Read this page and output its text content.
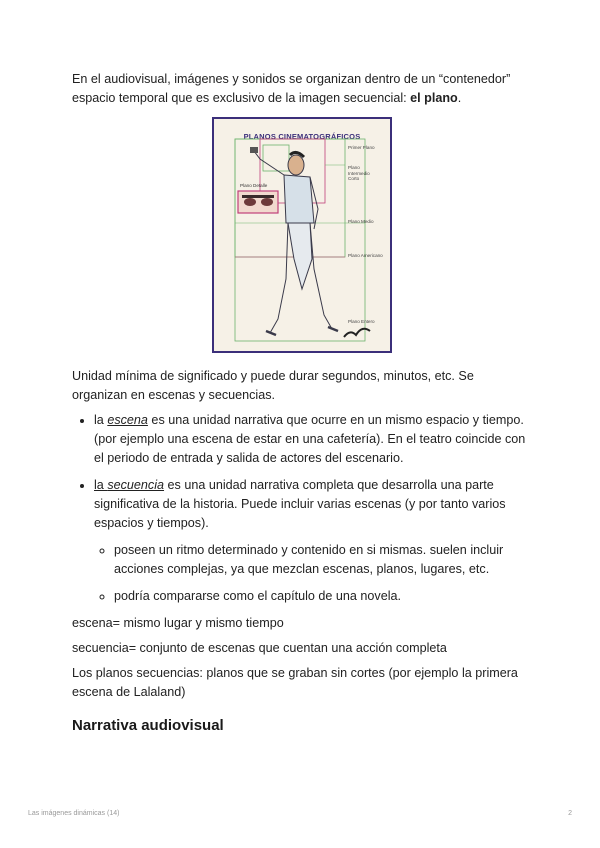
En el audiovisual, imágenes y sonidos se organizan dentro de un “contenedor” espacio temporal que es exclusivo de la imagen secuencial: el plano.

PLANOS CINEMATOGRÁFICOS
Primer Plano
Plano Intermedio Corto
Plano Detalle
Plano Medio
Plano Americano
Plano Entero

Unidad mínima de significado y puede durar segundos, minutos, etc. Se organizan en escenas y secuencias.

• la escena es una unidad narrativa que ocurre en un mismo espacio y tiempo. (por ejemplo una escena de estar en una cafetería). En el teatro coincide con el periodo de entrada y salida de actores del escenario.
• la secuencia es una unidad narrativa completa que desarrolla una parte significativa de la historia. Puede incluir varias escenas (y por tanto varios espacios y tiempos).
◦ poseen un ritmo determinado y contenido en si mismas. suelen incluir acciones complejas, ya que mezclan escenas, planos, lugares, etc.
◦ podría compararse como el capítulo de una novela.

escena= mismo lugar y mismo tiempo

secuencia= conjunto de escenas que cuentan una acción completa

Los planos secuencias: planos que se graban sin cortes (por ejemplo la primera escena de Lalaland)

Narrativa audiovisual
Las imágenes dinámicas (14)	2
